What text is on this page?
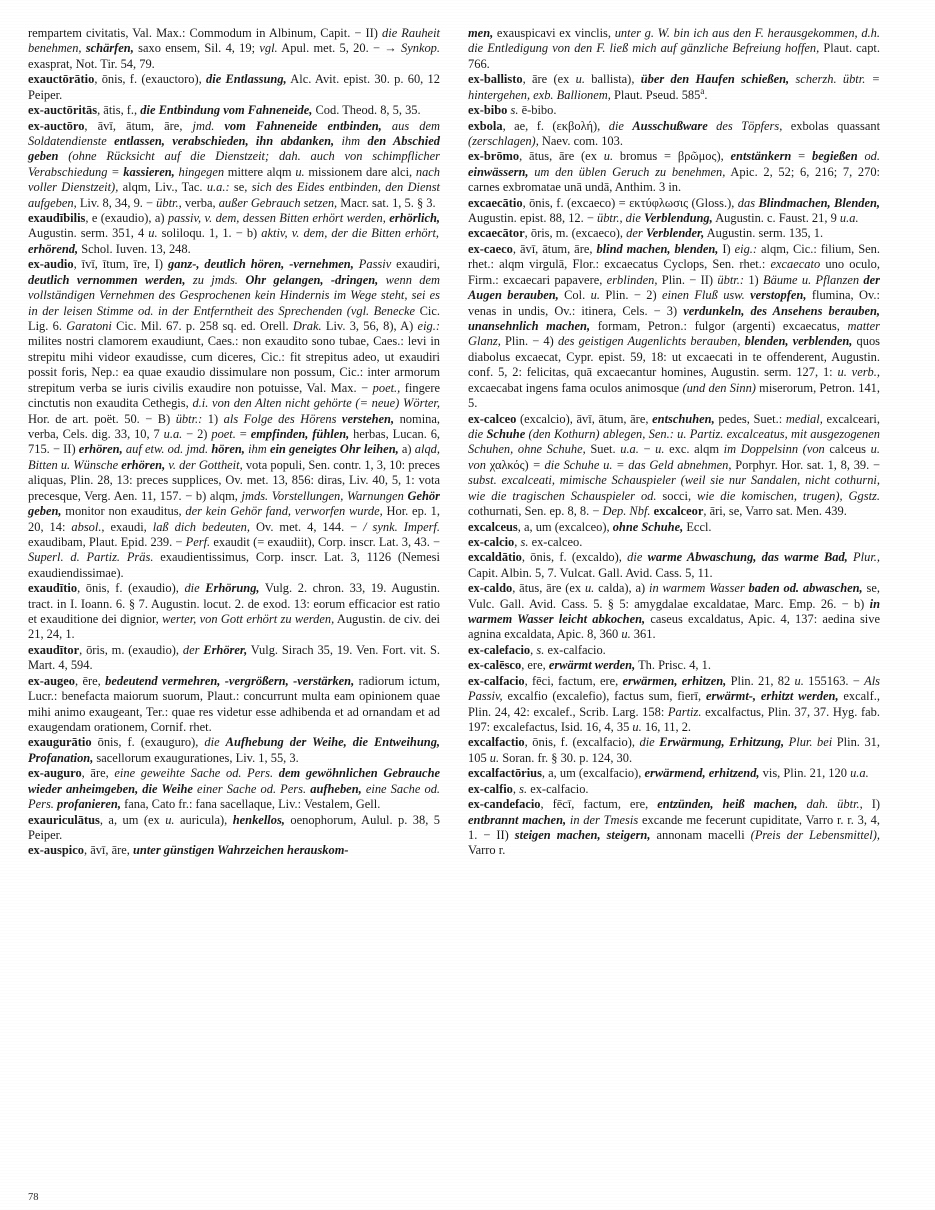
rempartem civitatis, Val. Max.: Commodum in Albinum, Capit. − II) die Rauheit benehmen, schärfen, saxo ensem, Sil. 4, 19; vgl. Apul. met. 5, 20. − → Synkop. exasprat, Not. Tir. 54, 79.

exauctōrātio, ōnis, f. (exauctoro), die Entlassung, Alc. Avit. epist. 30. p. 60, 12 Peiper.

ex-auctōritās, ātis, f., die Entbindung vom Fahneneide, Cod. Theod. 8, 5, 35.

ex-auctōro, āvī, ātum, āre, jmd. vom Fahneneide entbinden, aus dem Soldatendienste entlassen, verabschieden, ihn abdanken, ihm den Abschied geben (ohne Rücksicht auf die Dienstzeit; dah. auch von schimpflicher Verabschiedung = kassieren, hingegen mittere alqm u. missionem dare alci, nach voller Dienstzeit), alqm, Liv., Tac. u.a.: se, sich des Eides entbinden, den Dienst aufgeben, Liv. 8, 34, 9. − übtr., verba, außer Gebrauch setzen, Macr. sat. 1, 5. § 3.

exaudībilis, e (exaudio), a) passiv, v. dem, dessen Bitten erhört werden, erhörlich, Augustin. serm. 351, 4 u. soliloqu. 1, 1. − b) aktiv, v. dem, der die Bitten erhört, erhörend, Schol. Iuven. 13, 248.

ex-audio, īvī, ītum, īre, I) ganz-, deutlich hören, -vernehmen, Passiv exaudiri, deutlich vernommen werden, zu jmds. Ohr gelangen, -dringen, wenn dem vollständigen Vernehmen des Gesprochenen kein Hindernis im Wege steht, sei es in der leisen Stimme od. in der Entferntheit des Sprechenden (vgl. Benecke Cic. Lig. 6. Garatoni Cic. Mil. 67. p. 258 sq. ed. Orell. Drak. Liv. 3, 56, 8), A) eig.: milites nostri clamorem exaudiunt, Caes.: non exaudito sono tubae, Caes.: levi in strepitu mihi videor exaudisse, cum diceres, Cic.: fit strepitus adeo, ut exaudiri possit foris, Nep.: ea quae exaudio dissimulare non possum, Cic.: inter armorum strepitum verba se iuris civilis exaudire non potuisse, Val. Max. − poet., fingere cinctutis non exaudita Cethegis, d.i. von den Alten nicht gehörte (= neue) Wörter, Hor. de art. poët. 50. − B) übtr.: 1) als Folge des Hörens verstehen, nomina, verba, Cels. dig. 33, 10, 7 u.a. − 2) poet. = empfinden, fühlen, herbas, Lucan. 6, 715. − II) erhören, auf etw. od. jmd. hören, ihm ein geneigtes Ohr leihen, a) alqd, Bitten u. Wünsche erhören, v. der Gottheit, vota populi, Sen. contr. 1, 3, 10: preces aliquas, Plin. 28, 13: preces supplices, Ov. met. 13, 856: diras, Liv. 40, 5, 1: vota precesque, Verg. Aen. 11, 157. − b) alqm, jmds. Vorstellungen, Warnungen Gehör geben, monitor non exauditus, der kein Gehör fand, verworfen wurde, Hor. ep. 1, 20, 14: absol., exaudi, laß dich bedeuten, Ov. met. 4, 144. − / synk. Imperf. exaudibam, Plaut. Epid. 239. − Perf. exaudit (= exaudiit), Corp. inscr. Lat. 3, 43. − Superl. d. Partiz. Präs. exaudientissimus, Corp. inscr. Lat. 3, 1126 (Nemesi exaudiendissimae).

exaudītio, ōnis, f. (exaudio), die Erhörung, Vulg. 2. chron. 33, 19. Augustin. tract. in I. Ioann. 6. § 7. Augustin. locut. 2. de exod. 13: eorum efficacior est ratio et exauditione dei dignior, werter, von Gott erhört zu werden, Augustin. de civ. dei 21, 24, 1.

exaudītor, ōris, m. (exaudio), der Erhörer, Vulg. Sirach 35, 19. Ven. Fort. vit. S. Mart. 4, 594.

ex-augeo, ēre, bedeutend vermehren, -vergrößern, -verstärken, radiorum ictum, Lucr.: benefacta maiorum suorum, Plaut.: concurrunt multa eam opinionem quae mihi animo exaugeant, Ter.: quae res videtur esse adhibenda et ad ornandam et ad exaugendam orationem, Cornif. rhet.

exaugurātio ōnis, f. (exauguro), die Aufhebung der Weihe, die Entweihung, Profanation, sacellorum exaugurationes, Liv. 1, 55, 3.

ex-auguro, āre, eine geweihte Sache od. Pers. dem gewöhnlichen Gebrauche wieder anheimgeben, die Weihe einer Sache od. Pers. aufheben, eine Sache od. Pers. profanieren, fana, Cato fr.: fana sacellaque, Liv.: Vestalem, Gell.

exauriculātus, a, um (ex u. auricula), henkellos, oenophorum, Aulul. p. 38, 5 Peiper.

ex-auspico, āvī, āre, unter günstigen Wahrzeichen herauskom-

men, exauspicavi ex vinclis, unter g. W. bin ich aus den F. herausgekommen, d.h. die Entledigung von den F. ließ mich auf gänzliche Befreiung hoffen, Plaut. capt. 766.

ex-ballisto, āre (ex u. ballista), über den Haufen schießen, scherzh. übtr. = hintergehen, exb. Ballionem, Plaut. Pseud. 585$^a$.

ex-bibo s. ē-bibo.

exbola, ae, f. (εκβολή), die Ausschußware des Töpfers, exbolas quassant (zerschlagen), Naev. com. 103.

ex-brōmo, ātus, āre (ex u. bromus = βρῶμος), entstänkern = begießen od. einwässern, um den üblen Geruch zu benehmen, Apic. 2, 52; 6, 216; 7, 270: carnes exbromatae unā undā, Anthim. 3 in.

excaecātio, ōnis, f. (excaeco) = εκτύφλωσις (Gloss.), das Blindmachen, Blenden, Augustin. epist. 88, 12. − übtr., die Verblendung, Augustin. c. Faust. 21, 9 u.a.

excaecātor, ōris, m. (excaeco), der Verblender, Augustin. serm. 135, 1.

ex-caeco, āvī, ātum, āre, blind machen, blenden, I) eig.: alqm, Cic.: filium, Sen. rhet.: alqm virgulā, Flor.: excaecatus Cyclops, Sen. rhet.: excaecato uno oculo, Firm.: excaecari papavere, erblinden, Plin. − II) übtr.: 1) Bäume u. Pflanzen der Augen berauben, Col. u. Plin. − 2) einen Fluß usw. verstopfen, flumina, Ov.: venas in undis, Ov.: itinera, Cels. − 3) verdunkeln, des Ansehens berauben, unansehnlich machen, formam, Petron.: fulgor (argenti) excaecatus, matter Glanz, Plin. − 4) des geistigen Augenlichts berauben, blenden, verblenden, quos diabolus excaecat, Cypr. epist. 59, 18: ut excaecati in te offenderent, Augustin. conf. 5, 2: felicitas, quā excaecantur homines, Augustin. serm. 127, 1: u. verb., excaecabat ingens fama oculos animosque (und den Sinn) miserorum, Petron. 141, 5.

ex-calceo (excalcio), āvī, ātum, āre, entschuhen, pedes, Suet.: medial, excalceari, die Schuhe (den Kothurn) ablegen, Sen.: u. Partiz. excalceatus, mit ausgezogenen Schuhen, ohne Schuhe, Suet. u.a. − u. exc. alqm im Doppelsinn (von calceus u. von χαλκός) = die Schuhe u. = das Geld abnehmen, Porphyr. Hor. sat. 1, 8, 39. − subst. excalceati, mimische Schauspieler (weil sie nur Sandalen, nicht cothurni, wie die tragischen Schauspieler od. socci, wie die komischen, trugen), Ggstz. cothurnati, Sen. ep. 8, 8. − Dep. Nbf. excalceor, āri, se, Varro sat. Men. 439.

excalceus, a, um (excalceo), ohne Schuhe, Eccl.

ex-calcio, s. ex-calceo.

excaldātio, ōnis, f. (excaldo), die warme Abwaschung, das warme Bad, Plur., Capit. Albin. 5, 7. Vulcat. Gall. Avid. Cass. 5, 11.

ex-caldo, ātus, āre (ex u. calda), a) in warmem Wasser baden od. abwaschen, se, Vulc. Gall. Avid. Cass. 5. § 5: amygdalae excaldatae, Marc. Emp. 26. − b) in warmem Wasser leicht abkochen, caseus excaldatus, Apic. 4, 137: aedina sive agnina excaldata, Apic. 8, 360 u. 361.

ex-calefacio, s. ex-calfacio.

ex-calēsco, ere, erwärmt werden, Th. Prisc. 4, 1.

ex-calfacio, fēci, factum, ere, erwärmen, erhitzen, Plin. 21, 82 u. 155163. − Als Passiv, excalfio (excalefio), factus sum, fierī, erwärmt-, erhitzt werden, excalf., Plin. 24, 42: excalef., Scrib. Larg. 158: Partiz. excalfactus, Plin. 37, 37. Hyg. fab. 197: excalefactus, Isid. 16, 4, 35 u. 16, 11, 2.

excalfactio, ōnis, f. (excalfacio), die Erwärmung, Erhitzung, Plur. bei Plin. 31, 105 u. Soran. fr. § 30. p. 124, 30.

excalfactōrius, a, um (excalfacio), erwärmend, erhitzend, vis, Plin. 21, 120 u.a.

ex-calfio, s. ex-calfacio.

ex-candefacio, fēcī, factum, ere, entzünden, heiß machen, dah. übtr., I) entbrannt machen, in der Tmesis excande me fecerunt cupiditate, Varro r. r. 3, 4, 1. − II) steigen machen, steigern, annonam macelli (Preis der Lebensmittel), Varro r.

78
